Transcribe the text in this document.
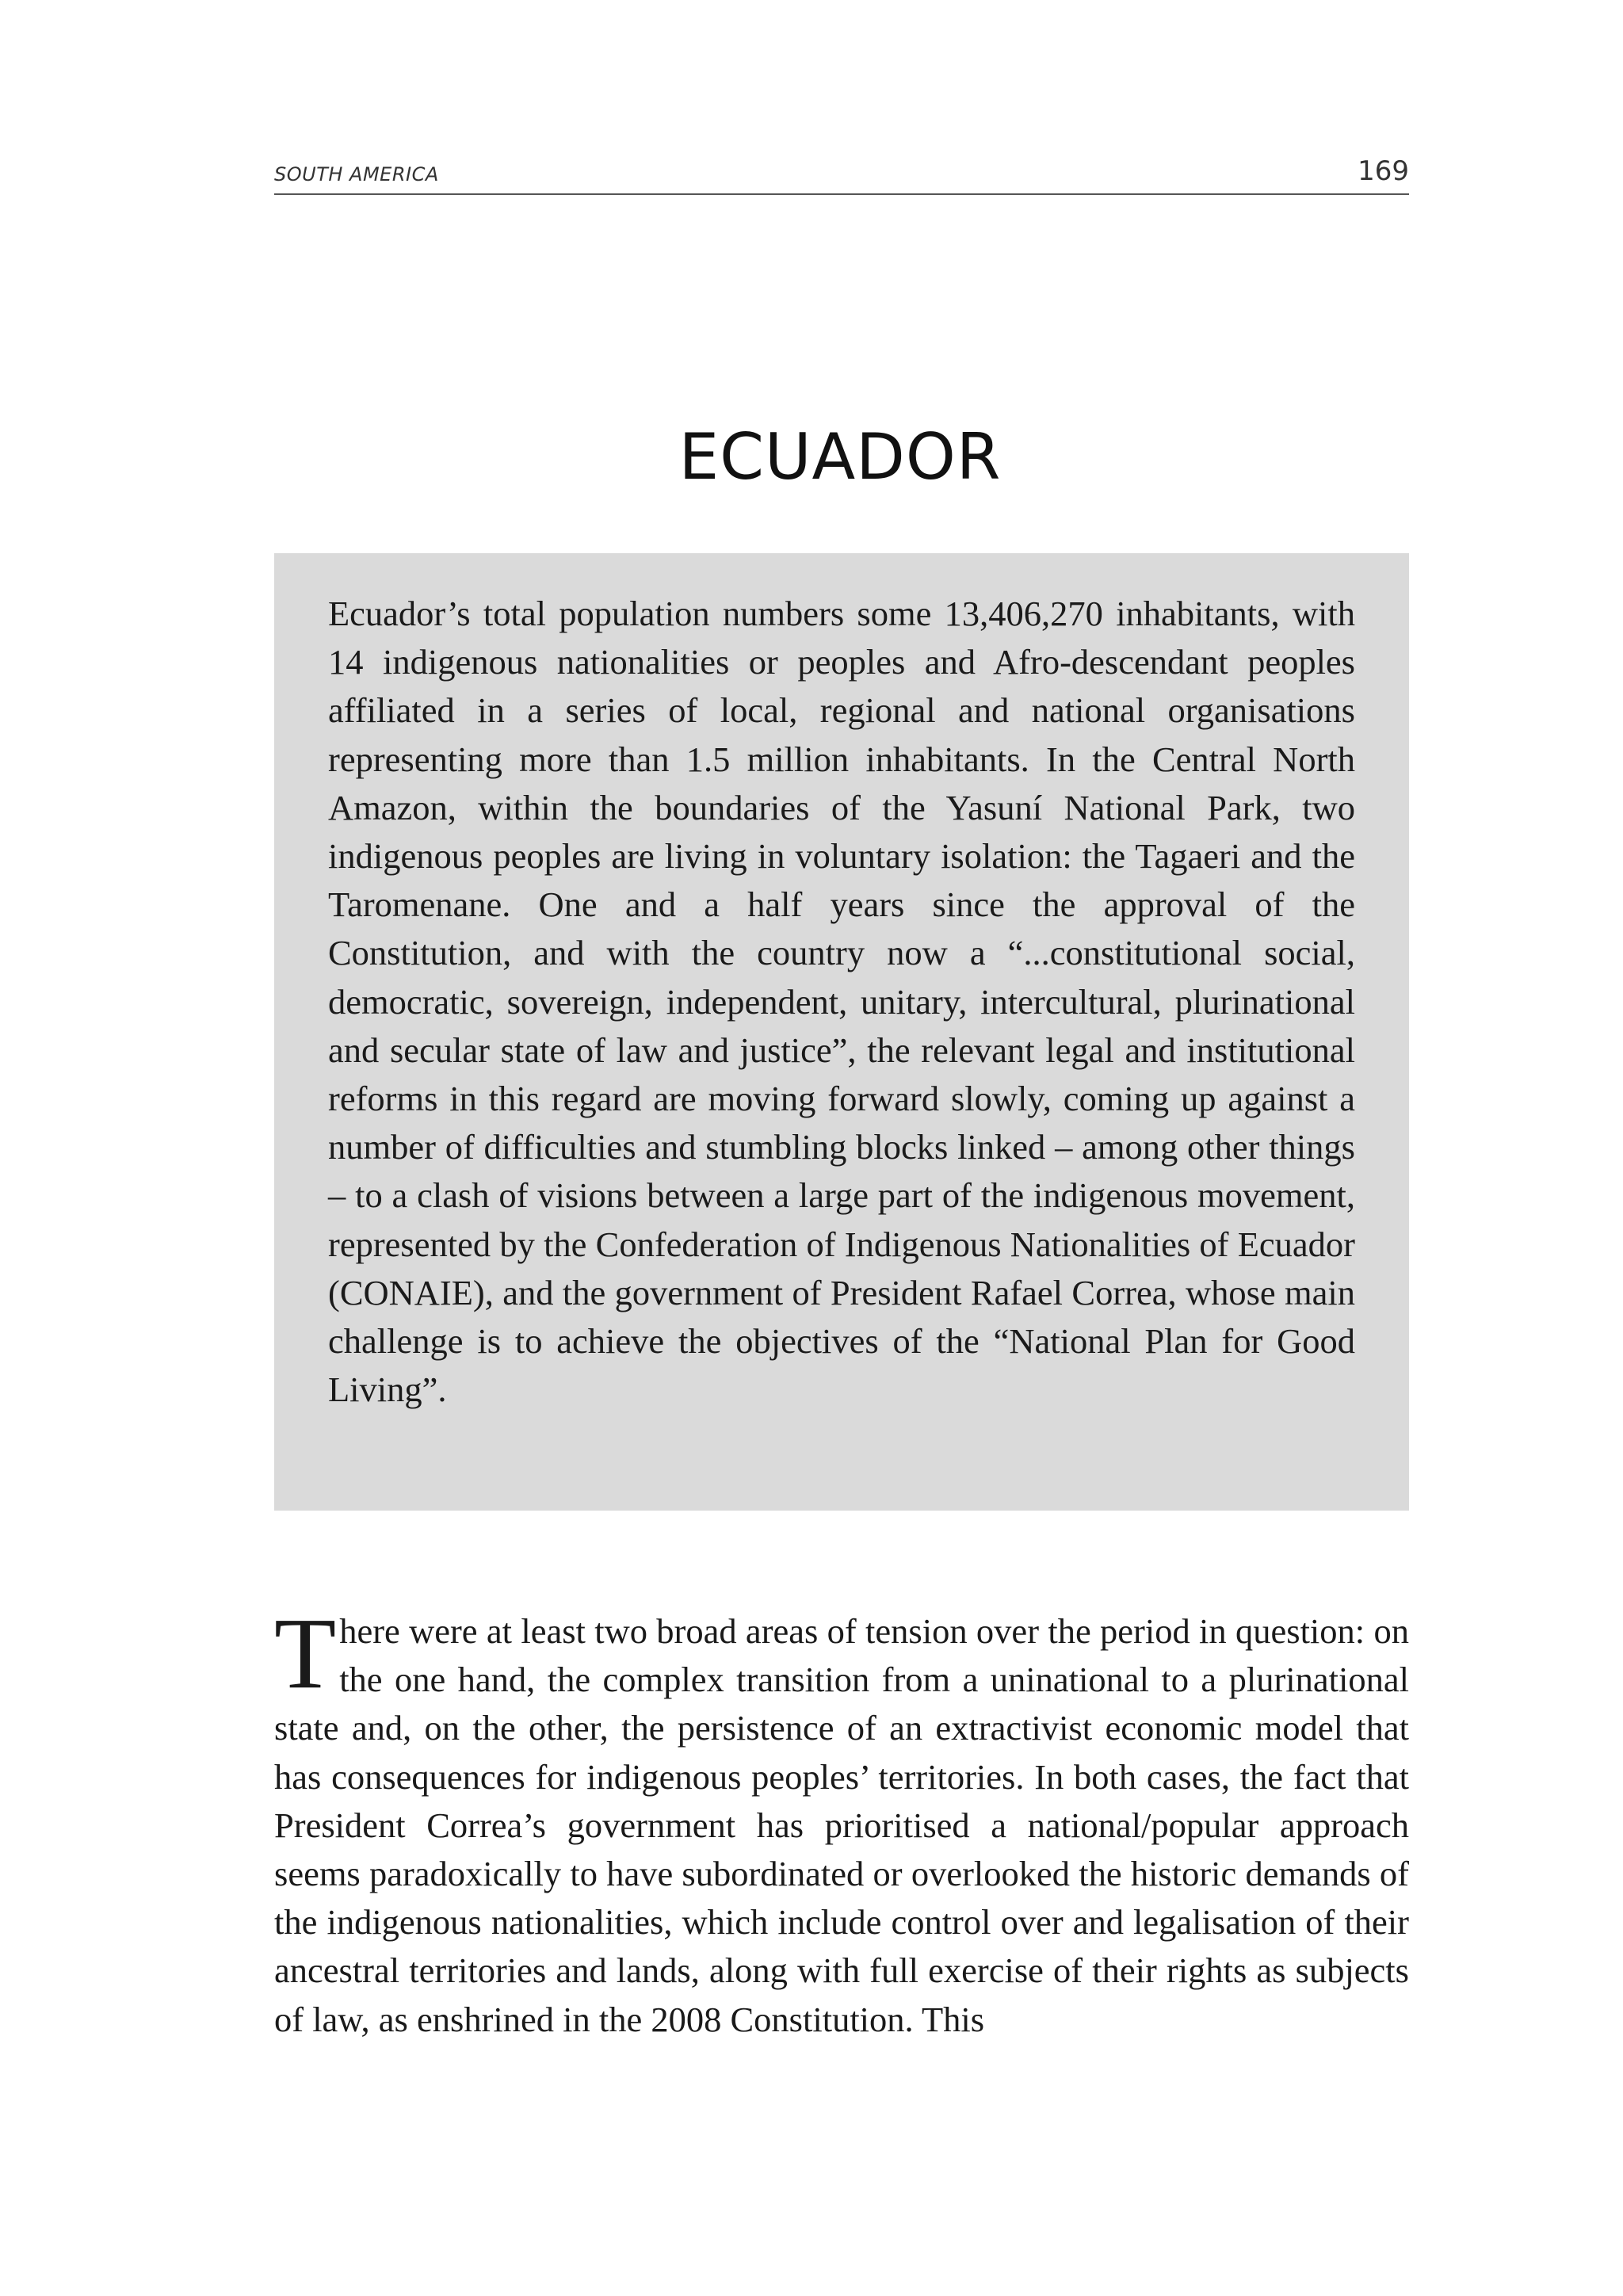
SOUTH AMERICA	169
ECUADOR

Ecuador’s total population numbers some 13,406,270 inhabitants, with 14 indigenous nationalities or peoples and Afro-descendant peoples affiliated in a series of local, regional and national organisations representing more than 1.5 million inhabitants. In the Central North Amazon, within the boundaries of the Yasuní National Park, two indigenous peoples are living in voluntary isolation: the Tagaeri and the Taromenane. One and a half years since the approval of the Constitution, and with the country now a “...constitutional social, democratic, sovereign, independent, unitary, intercultural, plurinational and secular state of law and justice”, the relevant legal and institutional reforms in this regard are moving forward slowly, coming up against a number of difficulties and stumbling blocks linked – among other things – to a clash of visions between a large part of the indigenous movement, represented by the Confederation of Indigenous Nationalities of Ecuador (CONAIE), and the government of President Rafael Correa, whose main challenge is to achieve the objectives of the “National Plan for Good Living”.

There were at least two broad areas of tension over the period in question: on the one hand, the complex transition from a uninational to a plurinational state and, on the other, the persistence of an extractivist economic model that has consequences for indigenous peoples’ territories. In both cases, the fact that President Correa’s government has prioritised a national/popular approach seems paradoxically to have subordinated or overlooked the historic demands of the indigenous nationalities, which include control over and legalisation of their ancestral territories and lands, along with full exercise of their rights as subjects of law, as enshrined in the 2008 Constitution. This
